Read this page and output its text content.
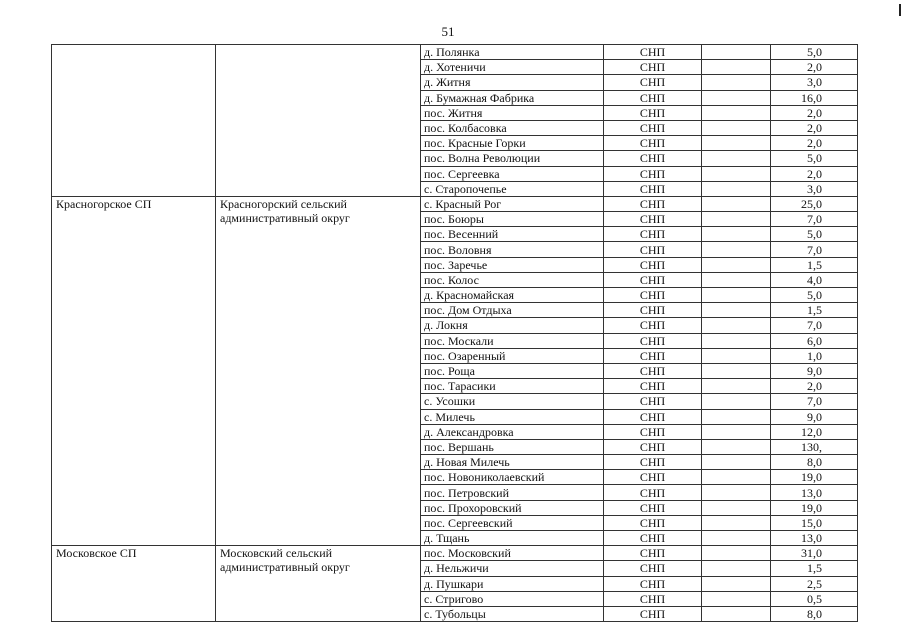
51
		д. Полянка	СНП		5,0
		д. Хотеничи	СНП		2,0
		д. Житня	СНП		3,0
		д. Бумажная Фабрика	СНП		16,0
		пос. Житня	СНП		2,0
		пос. Колбасовка	СНП		2,0
		пос. Красные Горки	СНП		2,0
		пос. Волна Революции	СНП		5,0
		пос. Сергеевка	СНП		2,0
		с. Старопочепье	СНП		3,0
Красногорское СП	Красногорский сельский административный округ	с. Красный Рог	СНП		25,0
		пос. Боюры	СНП		7,0
		пос. Весенний	СНП		5,0
		пос. Воловня	СНП		7,0
		пос. Заречье	СНП		1,5
		пос. Колос	СНП		4,0
		д. Красномайская	СНП		5,0
		пос. Дом Отдыха	СНП		1,5
		д. Локня	СНП		7,0
		пос. Москали	СНП		6,0
		пос. Озаренный	СНП		1,0
		пос. Роща	СНП		9,0
		пос. Тарасики	СНП		2,0
		с. Усошки	СНП		7,0
		с. Милечь	СНП		9,0
		д. Александровка	СНП		12,0
		пос. Вершань	СНП		130,
		д. Новая Милечь	СНП		8,0
		пос. Новониколаевский	СНП		19,0
		пос. Петровский	СНП		13,0
		пос. Прохоровский	СНП		19,0
		пос. Сергеевский	СНП		15,0
		д. Тщань	СНП		13,0
Московское СП	Московский сельский административный округ	пос. Московский	СНП		31,0
		д. Нельжичи	СНП		1,5
		д. Пушкари	СНП		2,5
		с. Стригово	СНП		0,5
		с. Тубольцы	СНП		8,0
